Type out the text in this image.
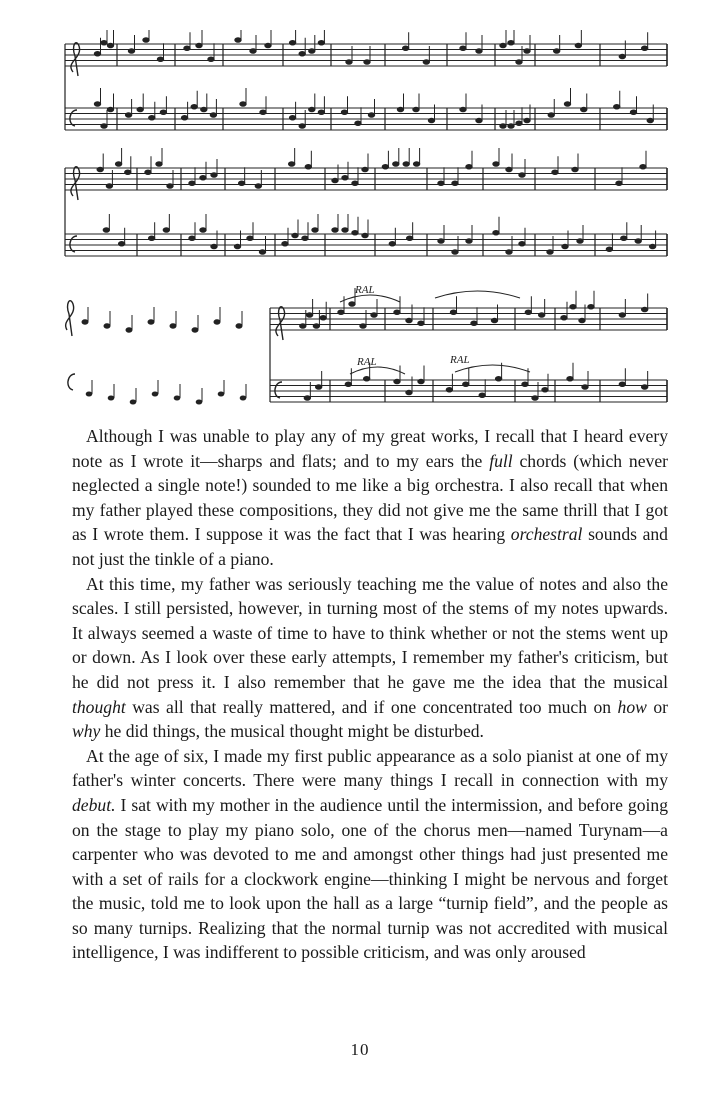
RAL
RAL	RAL

Although I was unable to play any of my great works, I recall that I heard every note as I wrote it—sharps and flats; and to my ears the full chords (which never neglected a single note!) sounded to me like a big orchestra. I also recall that when my father played these compositions, they did not give me the same thrill that I got as I wrote them. I suppose it was the fact that I was hearing orchestral sounds and not just the tinkle of a piano.

At this time, my father was seriously teaching me the value of notes and also the scales. I still persisted, however, in turning most of the stems of my notes upwards. It always seemed a waste of time to have to think whether or not the stems went up or down. As I look over these early attempts, I remember my father's criticism, but he did not press it. I also remember that he gave me the idea that the musical thought was all that really mattered, and if one concentrated too much on how or why he did things, the musical thought might be disturbed.

At the age of six, I made my first public appearance as a solo pianist at one of my father's winter concerts. There were many things I recall in connection with my debut. I sat with my mother in the audience until the intermission, and before going on the stage to play my piano solo, one of the chorus men—named Turynam—a carpenter who was devoted to me and amongst other things had just presented me with a set of rails for a clockwork engine—thinking I might be nervous and forget the music, told me to look upon the hall as a large “turnip field”, and the people as so many turnips. Realizing that the normal turnip was not accredited with musical intelligence, I was indifferent to possible criticism, and was only aroused

10
